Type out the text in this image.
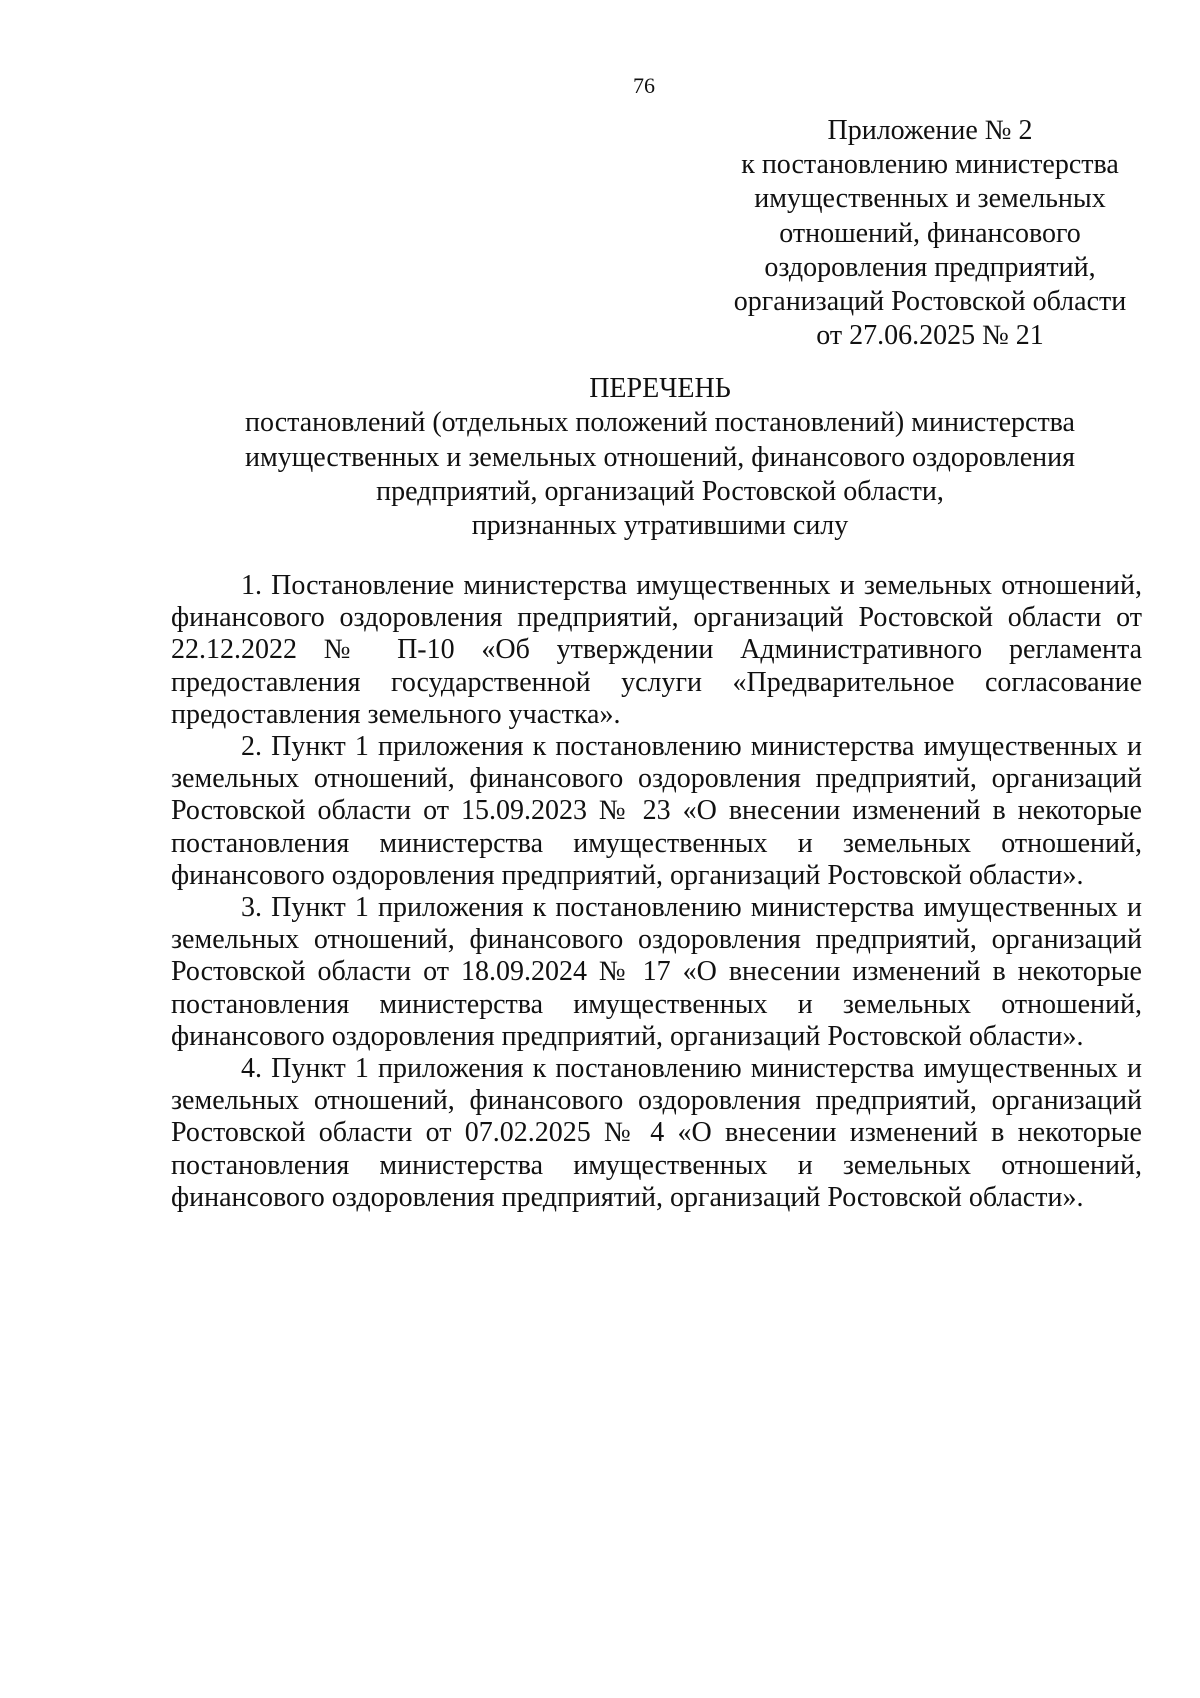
76
Приложение № 2
к постановлению министерства
имущественных и земельных
отношений, финансового
оздоровления предприятий,
организаций Ростовской области
от 27.06.2025 № 21
ПЕРЕЧЕНЬ
постановлений (отдельных положений постановлений) министерства
имущественных и земельных отношений, финансового оздоровления
предприятий, организаций Ростовской области,
признанных утратившими силу

1. Постановление министерства имущественных и земельных отношений, финансового оздоровления предприятий, организаций Ростовской области от 22.12.2022 № П-10 «Об утверждении Административного регламента предоставления государственной услуги «Предварительное согласование предоставления земельного участка».

2. Пункт 1 приложения к постановлению министерства имущественных и земельных отношений, финансового оздоровления предприятий, организаций Ростовской области от 15.09.2023 № 23 «О внесении изменений в некоторые постановления министерства имущественных и земельных отношений, финансового оздоровления предприятий, организаций Ростовской области».

3. Пункт 1 приложения к постановлению министерства имущественных и земельных отношений, финансового оздоровления предприятий, организаций Ростовской области от 18.09.2024 № 17 «О внесении изменений в некоторые постановления министерства имущественных и земельных отношений, финансового оздоровления предприятий, организаций Ростовской области».

4. Пункт 1 приложения к постановлению министерства имущественных и земельных отношений, финансового оздоровления предприятий, организаций Ростовской области от 07.02.2025 № 4 «О внесении изменений в некоторые постановления министерства имущественных и земельных отношений, финансового оздоровления предприятий, организаций Ростовской области».
